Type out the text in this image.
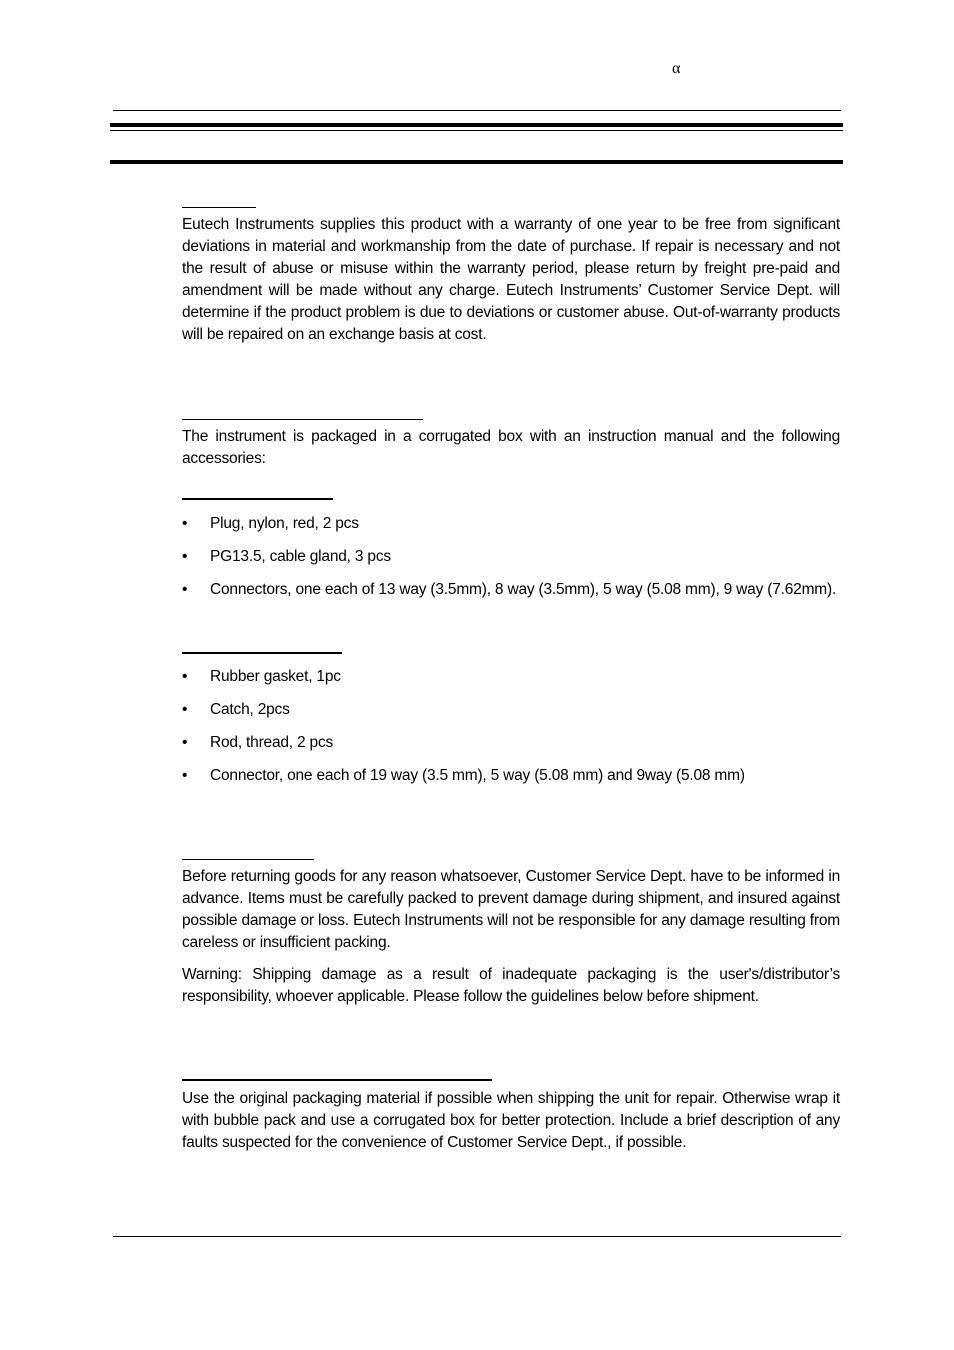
α
Eutech Instruments supplies this product with a warranty of one year to be free from significant deviations in material and workmanship from the date of purchase. If repair is necessary and not the result of abuse or misuse within the warranty period, please return by freight pre-paid and amendment will be made without any charge. Eutech Instruments’ Customer Service Dept. will determine if the product problem is due to deviations or customer abuse. Out-of-warranty products will be repaired on an exchange basis at cost.
The instrument is packaged in a corrugated box with an instruction manual and the following accessories:
• Plug, nylon, red, 2 pcs
• PG13.5, cable gland, 3 pcs
• Connectors, one each of 13 way (3.5mm), 8 way (3.5mm), 5 way (5.08 mm), 9 way (7.62mm).
• Rubber gasket, 1pc
• Catch, 2pcs
• Rod, thread, 2 pcs
• Connector, one each of 19 way (3.5 mm), 5 way (5.08 mm) and 9way (5.08 mm)
Before returning goods for any reason whatsoever, Customer Service Dept. have to be informed in advance. Items must be carefully packed to prevent damage during shipment, and insured against possible damage or loss. Eutech Instruments will not be responsible for any damage resulting from careless or insufficient packing.
Warning: Shipping damage as a result of inadequate packaging is the user's/distributor’s responsibility, whoever applicable. Please follow the guidelines below before shipment.
Use the original packaging material if possible when shipping the unit for repair. Otherwise wrap it with bubble pack and use a corrugated box for better protection. Include a brief description of any faults suspected for the convenience of Customer Service Dept., if possible.
